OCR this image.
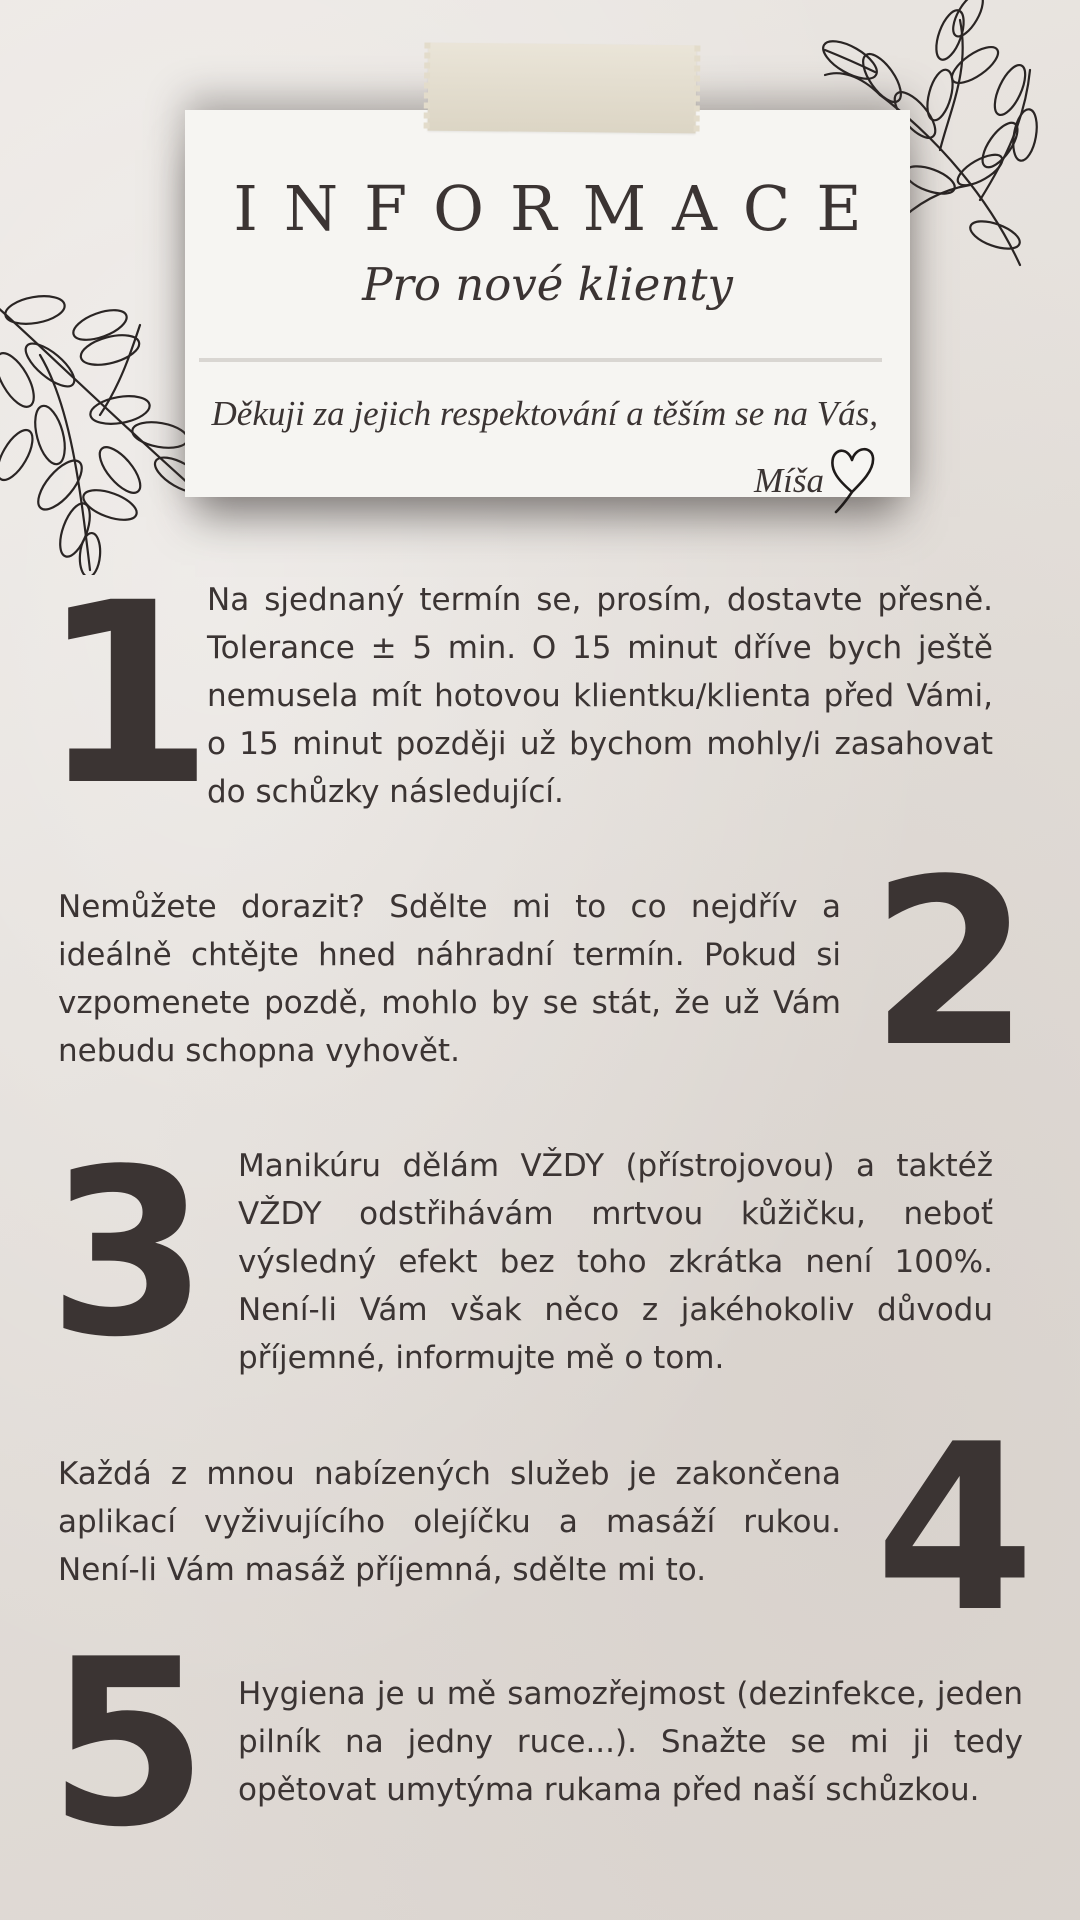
INFORMACE
Pro nové klienty
Děkuji za jejich respektování a těším se na Vás,
Míša
1
Na sjednaný termín se, prosím, dostavte přesně. Tolerance ± 5 min. O 15 minut dříve bych ještě nemusela mít hotovou klientku/klienta před Vámi, o 15 minut později už bychom mohly/i zasahovat do schůzky následující.
2
Nemůžete dorazit? Sdělte mi to co nejdřív a ideálně chtějte hned náhradní termín. Pokud si vzpomenete pozdě, mohlo by se stát, že už Vám nebudu schopna vyhovět.
3 Manikúru dělám VŽDY (přístrojovou) a taktéž VŽDY odstřihávám mrtvou kůžičku, neboť výsledný efekt bez toho zkrátka není 100%. Není-li Vám však něco z jakéhokoliv důvodu příjemné, informujte mě o tom.
4
Každá z mnou nabízených služeb je zakončena aplikací vyživujícího olejíčku a masáží rukou. Není-li Vám masáž příjemná, sdělte mi to.
5 Hygiena je u mě samozřejmost (dezinfekce, jeden pilník na jedny ruce...). Snažte se mi ji tedy opětovat umytýma rukama před naší schůzkou.
